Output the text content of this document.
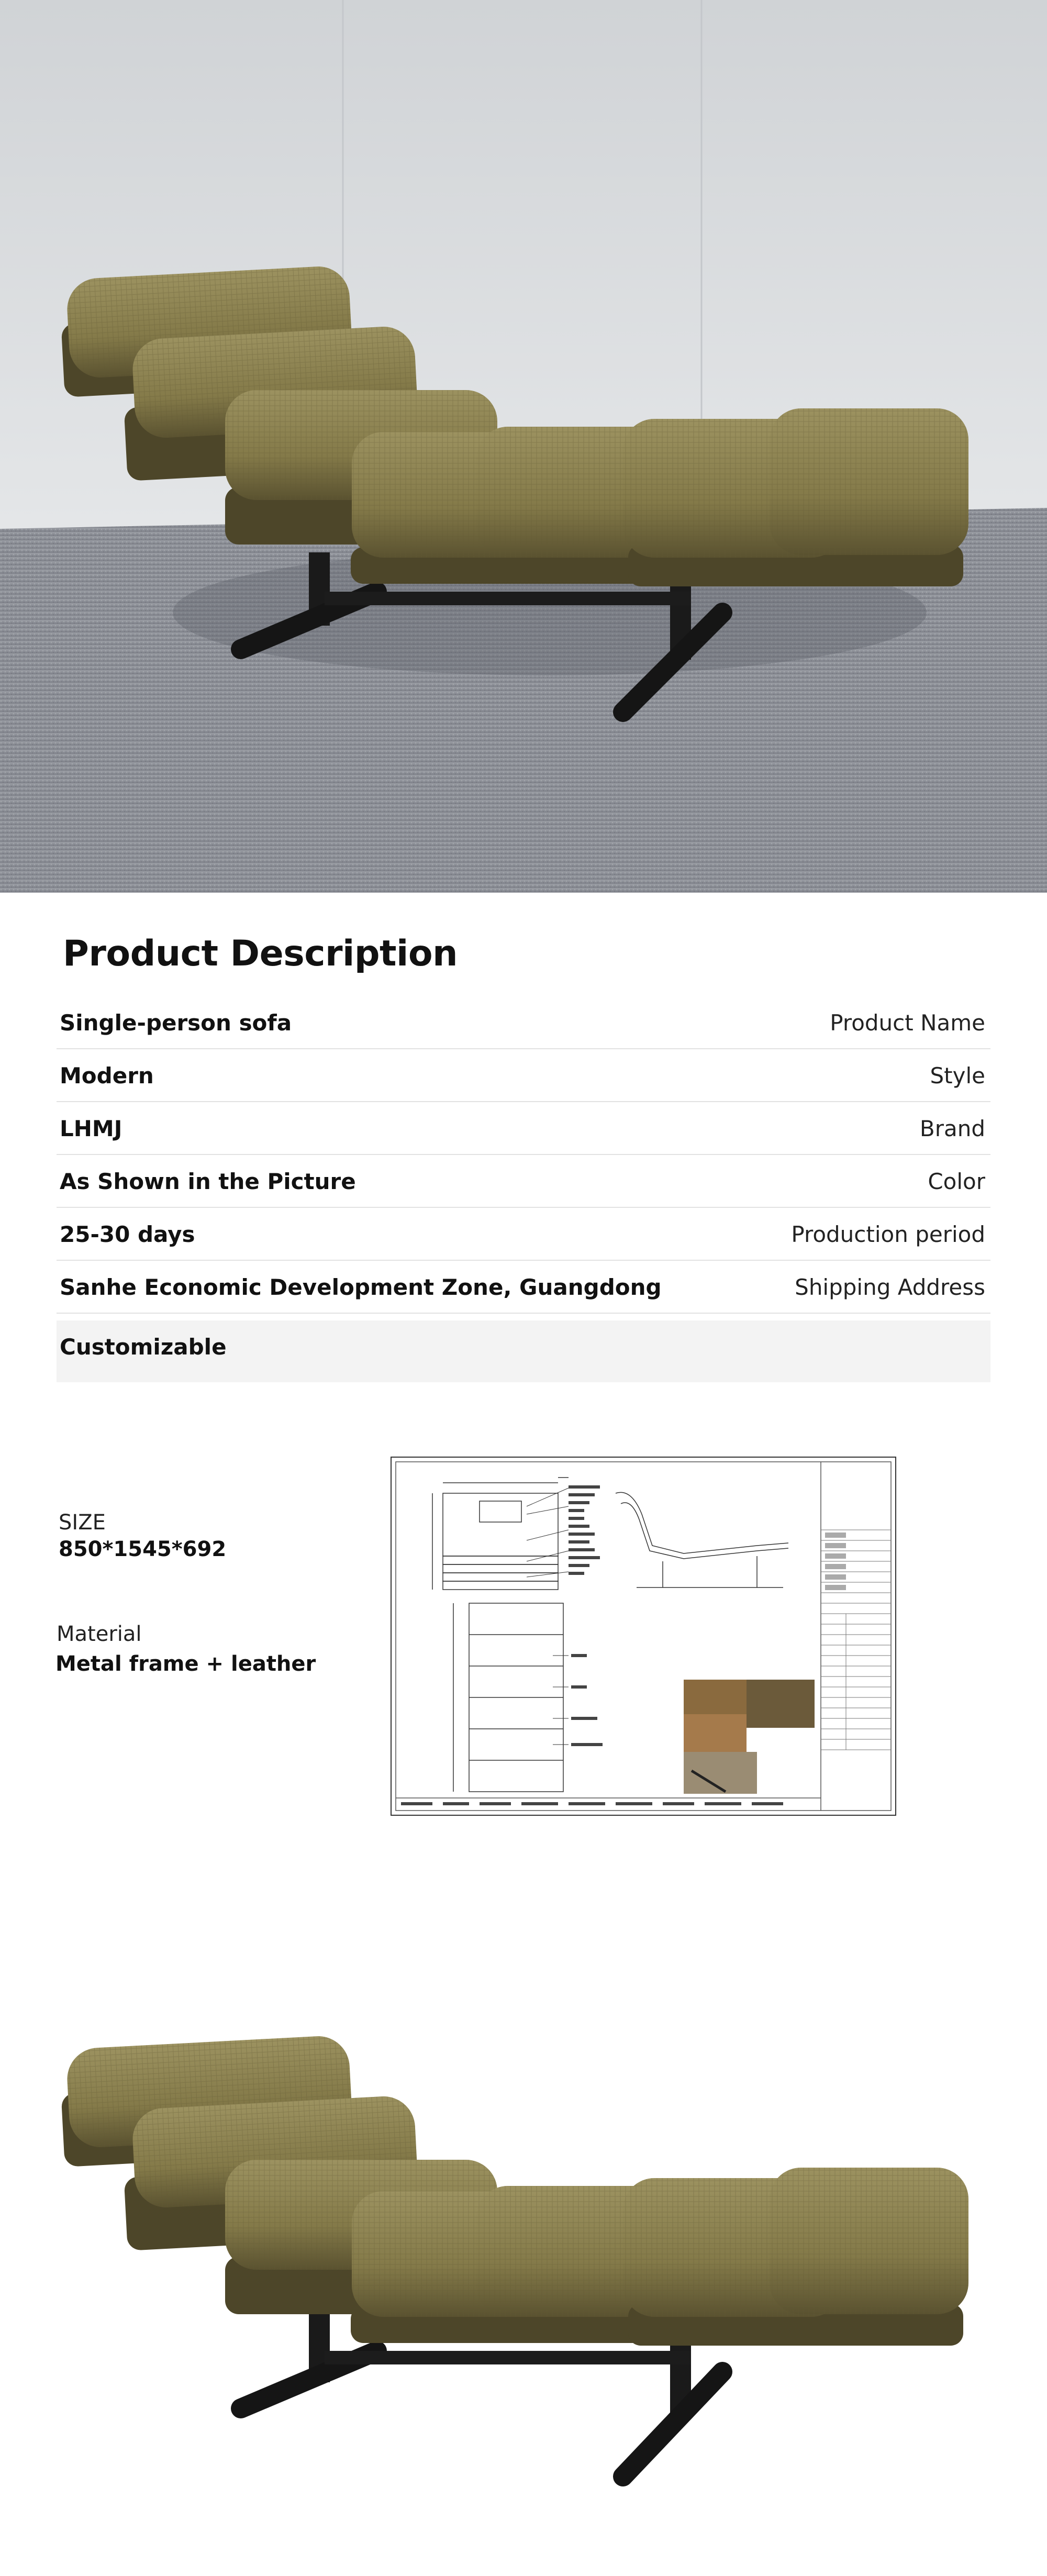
Product Description
Single-person sofa	Product Name
Modern	Style
LHMJ	Brand
As Shown in the Picture	Color
25-30 days	Production period
Sanhe Economic Development Zone, Guangdong	Shipping Address
Customizable
SIZE
850*1545*692
Material
Metal frame + leather
